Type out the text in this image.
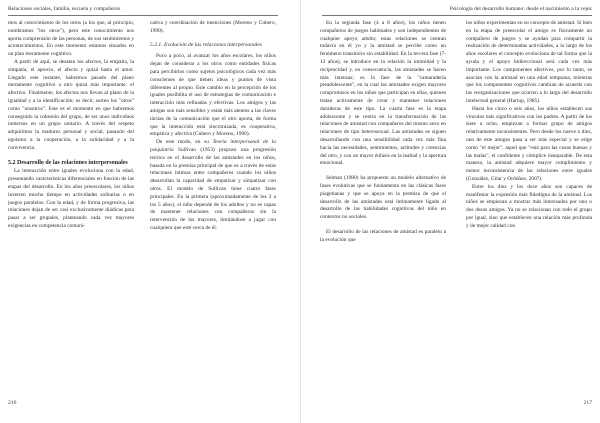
Relaciones sociales, familia, escuela y compañeros

mos al conocimiento de los otros (a los que, al principio, nombramos "los otros"), pero este conocimiento nos aporta comprensión de las personas, de sus sentimientos y acontecimientos. En este momento estamos situados en un plan meramente cognitivo.

A partir de aquí, se desatan los afectos, la empatía, la simpatía, el aprecio, el afecto y quizá hasta el amor. Llegado este instante, habremos pasado del plano meramente cognitivo a otro quizá más importante: el afectivo. Finalmente, los afectos nos llevan al plano de la igualdad y a la identificación; es decir, surten los "otros" como "nosotros". Este es el momento en que habremos conseguido la cohesión del grupo, de ser unos individuos inmersos en un grupo unitario. A través del respeto adquirimos la madurez personal y social, pasando del egoísmo a la cooperación, a la solidaridad y a la convivencia.

5.2 Desarrollo de las relaciones interpersonales

La interacción entre iguales evoluciona con la edad, presentando características diferenciales en función de las etapas del desarrollo. En los años preescolares, los niños inverten mucho tiempo en actividades solitarias o en juegos paralelos. Con la edad, y de forma progresiva, las relaciones dejan de ser casi exclusivamente diádicas para pasar a ser grupales, planteando cada vez mayores exigencias en competencia comuni-

cativa y coordinación de intenciones (Moreno y Cubero, 1990).

5.2.1. Evolución de las relaciones interpersonales

Poco a poco, al avanzar los años escolares, los niños dejan de considerar a los otros como entidades físicas para percibirlos como sujetos psicológicos cada vez más conscientes de que tienen ideas y puntos de vista diferentes al propio. Este cambio en la percepción de los iguales posibilita el uso de estrategias de comunicación e interacción más refinadas y efectivas. Los amigos y las amigas son más sensibles y están más atentos a las claves tácitas de la comunicación que el otro aporta, de forma que la interacción está sincronizada, es cooperativa, empática y afectiva (Cubero y Moreno, 1990).

De este modo, en su Teoría interpersonal de la psiquiatría Sullivan (1953) propuso una progresión teórica en el desarrollo de las amistades en los niños, basada en la premisa principal de que es a través de estas relaciones íntimas entre compañeros cuando los niños desarrollan la capacidad de empatizar y simpatizar con otros. El modelo de Sullivan tiene cuatro fases principales. En la primera (aproximadamente de los 2 a los 5 años), el niño depende de los adultos y no es capaz de mantener relaciones con compañeros sin la intervención de los mayores, limitándose a jugar con cualquiera que esté cerca de él.

216
Psicología del desarrollo humano: desde el nacimiento a la vejez

En la segunda fase (4 a 8 años), los niños tienen compañeros de juegos habituales y son independientes de cualquier apoyo adulto; estas relaciones se centran todavía en él yo y la amistad se percibe como un fenómeno transitorio sin estabilidad. En la tercera fase (7-12 años), se introduce en la relación la intimidad y la reciprocidad y, en consecuencia, las amistades se hacen más intensas; es la fase de la "camaradería preadolescente", en la cual las amistades exigen mayores compromisos en los niños que participan en ellas, quienes tratan activamente de crear y mantener relaciones duraderas de este tipo. La cuarta fase es la etapa adolescente y se centra en la transformación de las relaciones de amistad con compañeros del mismo sexo en relaciones de tipo heterosexual. Las amistades se siguen desarrollando con una sensibilidad cada vez más fina hacia las necesidades, sentimientos, actitudes y creencias del otro, y con un mayor énfasis en la lealtad y la apertura emocional.

Selman (1980) ha propuesto un modelo alternativo de fases evolutivas que se fundamenta en las clásicas fases piagetianas y que se apoya en la premisa de que el desarrollo de las amistades está íntimamente ligado al desarrollo de las habilidades cognitivas del niño en contextos no sociales.

El desarrollo de las relaciones de amistad es paralelo a la evolución que

los niños experimentan en su concepto de amistad. Si bien en la etapa de preescolar el amigo es físicamente un compañero de juegos y se ayudan para compartir la realización de determinadas actividades, a lo largo de los años escolares el concepto evoluciona de tal forma que la ayuda y el apoyo bidireccional será cada vez más importante. Los componentes afectivos, por lo tanto, se asocian con la amistad en una edad temprana, mientras que los componentes cognitivos cambian de acuerdo con las reorganizaciones que ocurren a lo largo del desarrollo intelectual general (Hartup, 1985).

Hasta los cinco o seis años, los niños establecen sus vínculos más significativos con los padres. A partir de los siete u ocho, empiezan a formar grupo de amigos relativamente inconsistentes. Pero desde los nueve o diez, uno de este amigos pasa a ser más especial y se erige como "el mejor", aquel que "está para las cosas buenas y las malas", el confidente y cómplice inseparable. De esta manera, la amistad adquiere mayor cumplimiento y menor inconsistencia de las relaciones entre iguales (González, Gilar y Ordóñez, 2007).

Entre los diez y los doce años son capaces de manifestar la expresión más fidedigna de la amistad. Los niños se empiezan a mostrar más interesados por uno o dos desus amigos. Ya no se relacionan con todo el grupo por igual, sino que establecen una relación más profunda y de mejor calidad con

217
